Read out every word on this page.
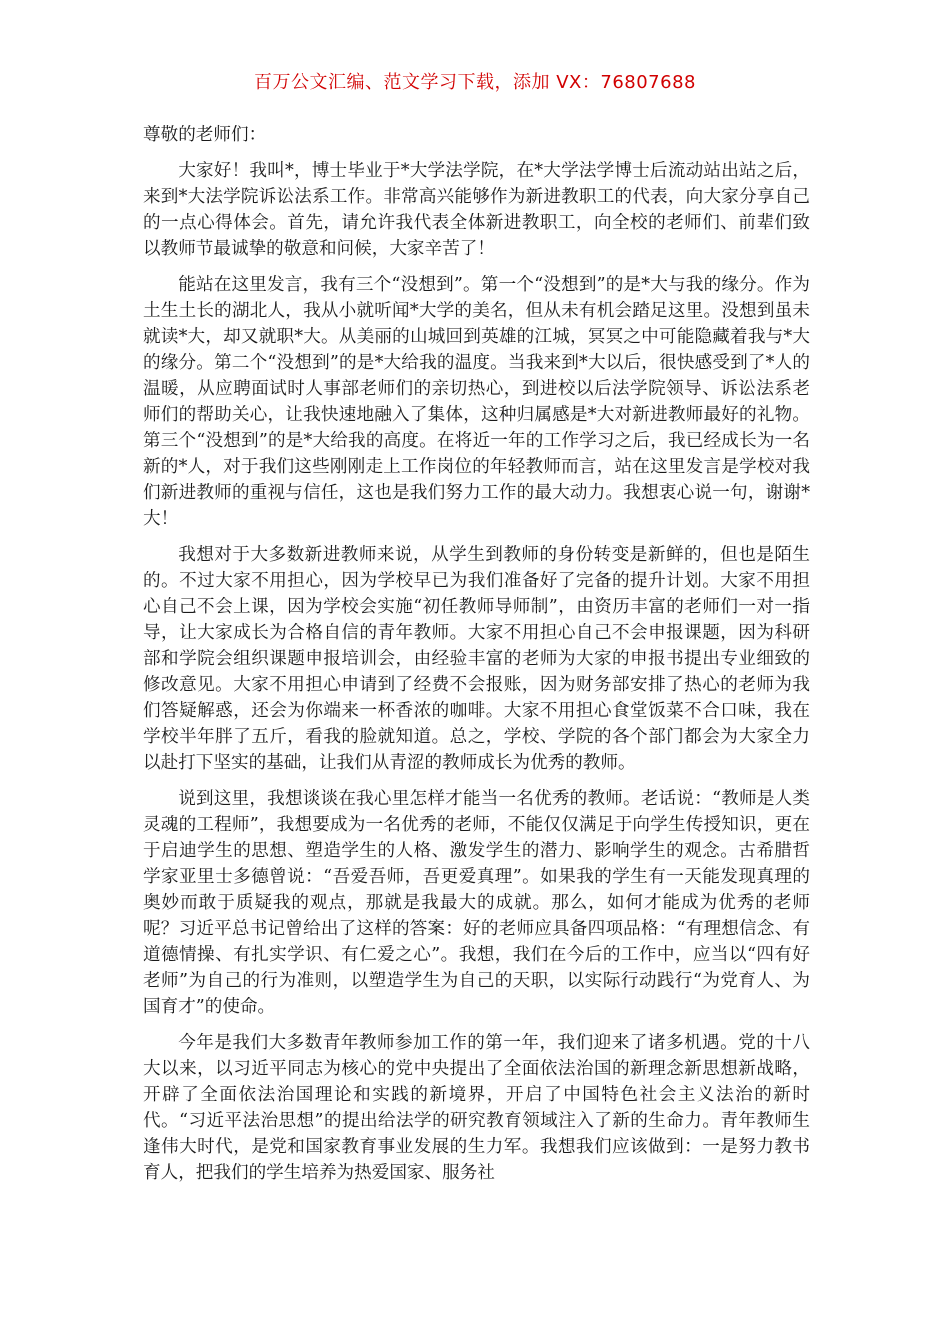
百万公文汇编、范文学习下载，添加 VX：76807688
尊敬的老师们：

大家好！我叫*，博士毕业于*大学法学院，在*大学法学博士后流动站出站之后，来到*大法学院诉讼法系工作。非常高兴能够作为新进教职工的代表，向大家分享自己的一点心得体会。首先，请允许我代表全体新进教职工，向全校的老师们、前辈们致以教师节最诚挚的敬意和问候，大家辛苦了！

能站在这里发言，我有三个“没想到”。第一个“没想到”的是*大与我的缘分。作为土生土长的湖北人，我从小就听闻*大学的美名，但从未有机会踏足这里。没想到虽未就读*大，却又就职*大。从美丽的山城回到英雄的江城，冥冥之中可能隐藏着我与*大的缘分。第二个“没想到”的是*大给我的温度。当我来到*大以后，很快感受到了*人的温暖，从应聘面试时人事部老师们的亲切热心，到进校以后法学院领导、诉讼法系老师们的帮助关心，让我快速地融入了集体，这种归属感是*大对新进教师最好的礼物。第三个“没想到”的是*大给我的高度。在将近一年的工作学习之后，我已经成长为一名新的*人，对于我们这些刚刚走上工作岗位的年轻教师而言，站在这里发言是学校对我们新进教师的重视与信任，这也是我们努力工作的最大动力。我想衷心说一句，谢谢*大！

我想对于大多数新进教师来说，从学生到教师的身份转变是新鲜的，但也是陌生的。不过大家不用担心，因为学校早已为我们准备好了完备的提升计划。大家不用担心自己不会上课，因为学校会实施“初任教师导师制”，由资历丰富的老师们一对一指导，让大家成长为合格自信的青年教师。大家不用担心自己不会申报课题，因为科研部和学院会组织课题申报培训会，由经验丰富的老师为大家的申报书提出专业细致的修改意见。大家不用担心申请到了经费不会报账，因为财务部安排了热心的老师为我们答疑解惑，还会为你端来一杯香浓的咖啡。大家不用担心食堂饭菜不合口味，我在学校半年胖了五斤，看我的脸就知道。总之，学校、学院的各个部门都会为大家全力以赴打下坚实的基础，让我们从青涩的教师成长为优秀的教师。

说到这里，我想谈谈在我心里怎样才能当一名优秀的教师。老话说：“教师是人类灵魂的工程师”，我想要成为一名优秀的老师，不能仅仅满足于向学生传授知识，更在于启迪学生的思想、塑造学生的人格、激发学生的潜力、影响学生的观念。古希腊哲学家亚里士多德曾说：“吾爱吾师，吾更爱真理”。如果我的学生有一天能发现真理的奥妙而敢于质疑我的观点，那就是我最大的成就。那么，如何才能成为优秀的老师呢？习近平总书记曾给出了这样的答案：好的老师应具备四项品格：“有理想信念、有道德情操、有扎实学识、有仁爱之心”。我想，我们在今后的工作中，应当以“四有好老师”为自己的行为准则，以塑造学生为自己的天职，以实际行动践行“为党育人、为国育才”的使命。

今年是我们大多数青年教师参加工作的第一年，我们迎来了诸多机遇。党的十八大以来，以习近平同志为核心的党中央提出了全面依法治国的新理念新思想新战略，开辟了全面依法治国理论和实践的新境界，开启了中国特色社会主义法治的新时代。“习近平法治思想”的提出给法学的研究教育领域注入了新的生命力。青年教师生逢伟大时代，是党和国家教育事业发展的生力军。我想我们应该做到：一是努力教书育人，把我们的学生培养为热爱国家、服务社
